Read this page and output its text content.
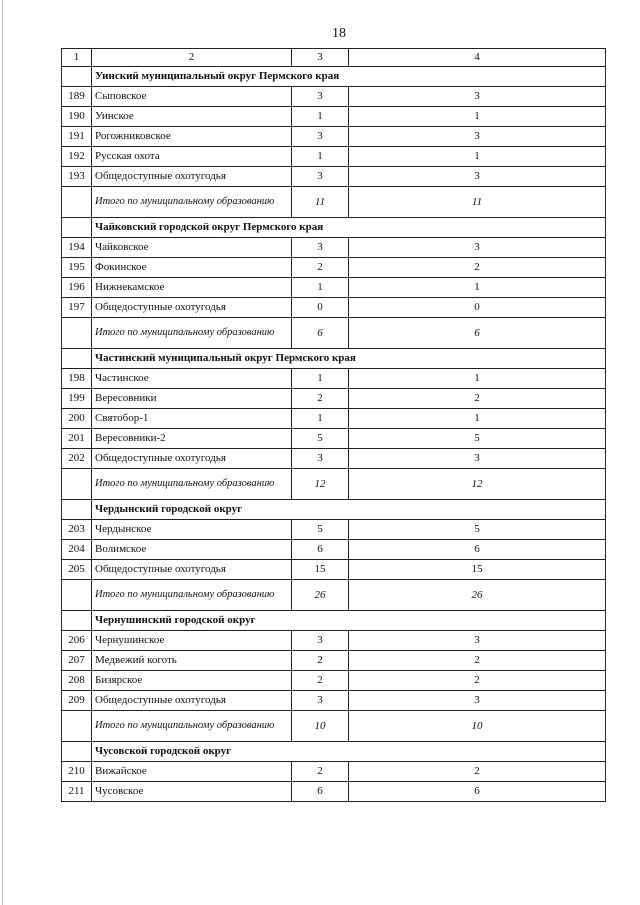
18
1	2	3	4
	Уинский муниципальный округ Пермского края		
189	Сыповское	3	3
190	Уинское	1	1
191	Рогожниковское	3	3
192	Русская охота	1	1
193	Общедоступные охотугодья	3	3
	Итого по муниципальному образованию	11	11
	Чайковский городской округ Пермского края		
194	Чайковское	3	3
195	Фокинское	2	2
196	Нижнекамское	1	1
197	Общедоступные охотугодья	0	0
	Итого по муниципальному образованию	6	6
	Частинский муниципальный округ Пермского края		
198	Частинское	1	1
199	Вересовники	2	2
200	Святобор-1	1	1
201	Вересовники-2	5	5
202	Общедоступные охотугодья	3	3
	Итого по муниципальному образованию	12	12
	Чердынский городской округ		
203	Чердынское	5	5
204	Волимское	6	6
205	Общедоступные охотугодья	15	15
	Итого по муниципальному образованию	26	26
	Чернушинский городской округ		
206	Чернушинское	3	3
207	Медвежий коготь	2	2
208	Бизярское	2	2
209	Общедоступные охотугодья	3	3
	Итого по муниципальному образованию	10	10
	Чусовской городской округ		
210	Вижайское	2	2
211	Чусовское	6	6
